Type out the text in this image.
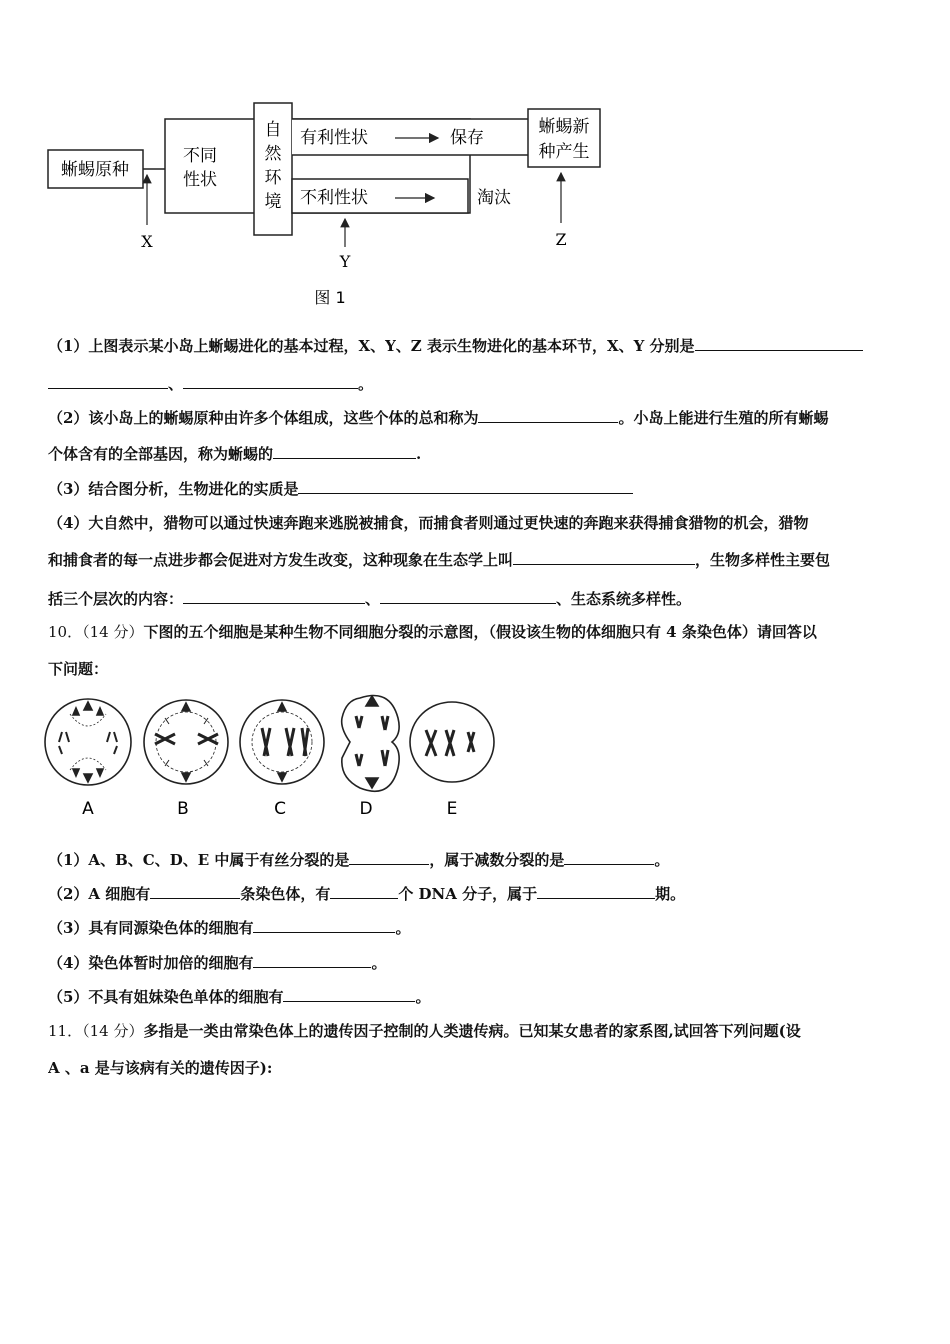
蜥蜴原种
不同
性状
自
然
环
境
有利性状	保存
不利性状	淘汰
蜥蜴新
种产生
X
Y
Z
图 1
（1）上图表示某小岛上蜥蜴进化的基本过程，X、Y、Z 表示生物进化的基本环节，X、Y 分别是
、	。
（2）该小岛上的蜥蜴原种由许多个体组成，这些个体的总和称为	。小岛上能进行生殖的所有蜥蜴
个体含有的全部基因，称为蜥蜴的	.
（3）结合图分析，生物进化的实质是
（4）大自然中，猎物可以通过快速奔跑来逃脱被捕食，而捕食者则通过更快速的奔跑来获得捕食猎物的机会，猎物
和捕食者的每一点进步都会促进对方发生改变，这种现象在生态学上叫	，生物多样性主要包
括三个层次的内容：	、	、生态系统多样性。
10．（14 分）下图的五个细胞是某种生物不同细胞分裂的示意图，（假设该生物的体细胞只有 4 条染色体）请回答以
下问题：
A	B	C	D	E
（1）A、B、C、D、E 中属于有丝分裂的是	，属于减数分裂的是	。
（2）A 细胞有	条染色体，有	个 DNA 分子，属于	期。
（3）具有同源染色体的细胞有	。
（4）染色体暂时加倍的细胞有	。
（5）不具有姐妹染色单体的细胞有	。
11．（14 分）多指是一类由常染色体上的遗传因子控制的人类遗传病。已知某女患者的家系图,试回答下列问题(设
A 、a 是与该病有关的遗传因子):
